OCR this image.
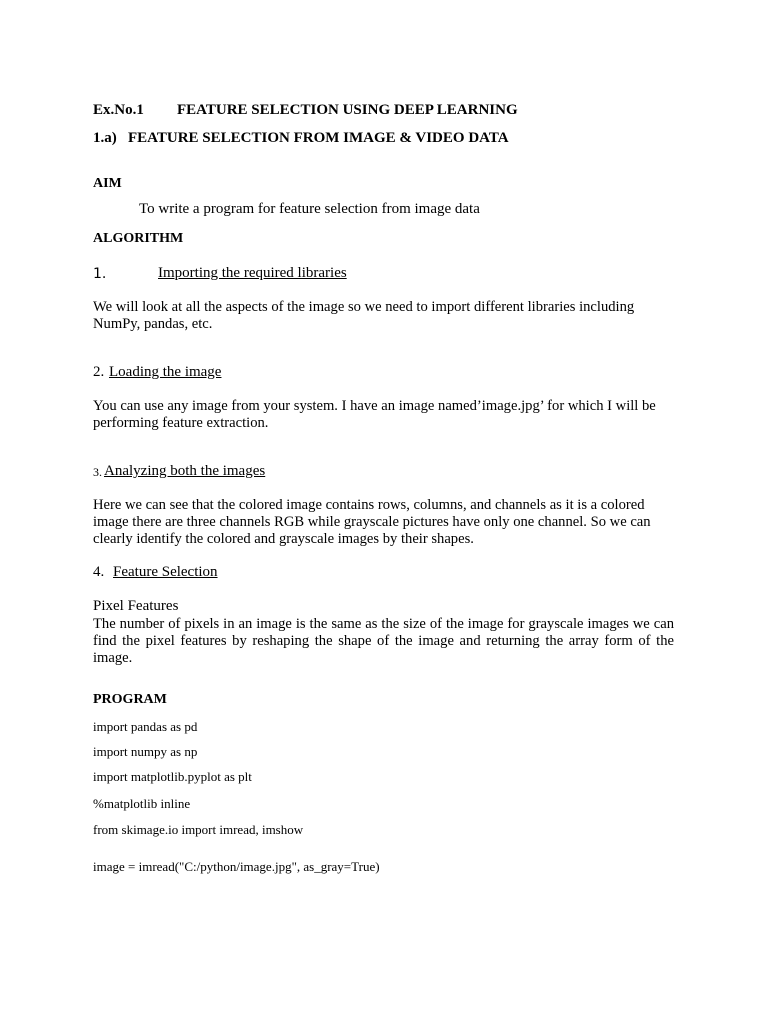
Ex.No.1 FEATURE SELECTION USING DEEP LEARNING
1.a) FEATURE SELECTION FROM IMAGE & VIDEO DATA
AIM
To write a program for feature selection from image data
ALGORITHM
1.	Importing the required libraries
We will look at all the aspects of the image so we need to import different libraries including NumPy, pandas, etc.
2. Loading the image
You can use any image from your system. I have an image named’image.jpg’ for which I will be performing feature extraction.
3. Analyzing both the images
Here we can see that the colored image contains rows, columns, and channels as it is a colored image there are three channels RGB while grayscale pictures have only one channel. So we can clearly identify the colored and grayscale images by their shapes.
4. Feature Selection
Pixel Features
The number of pixels in an image is the same as the size of the image for grayscale images we can find the pixel features by reshaping the shape of the image and returning the array form of the image.
PROGRAM
import pandas as pd
import numpy as np
import matplotlib.pyplot as plt
%matplotlib inline
from skimage.io import imread, imshow
image = imread("C:/python/image.jpg", as_gray=True)
